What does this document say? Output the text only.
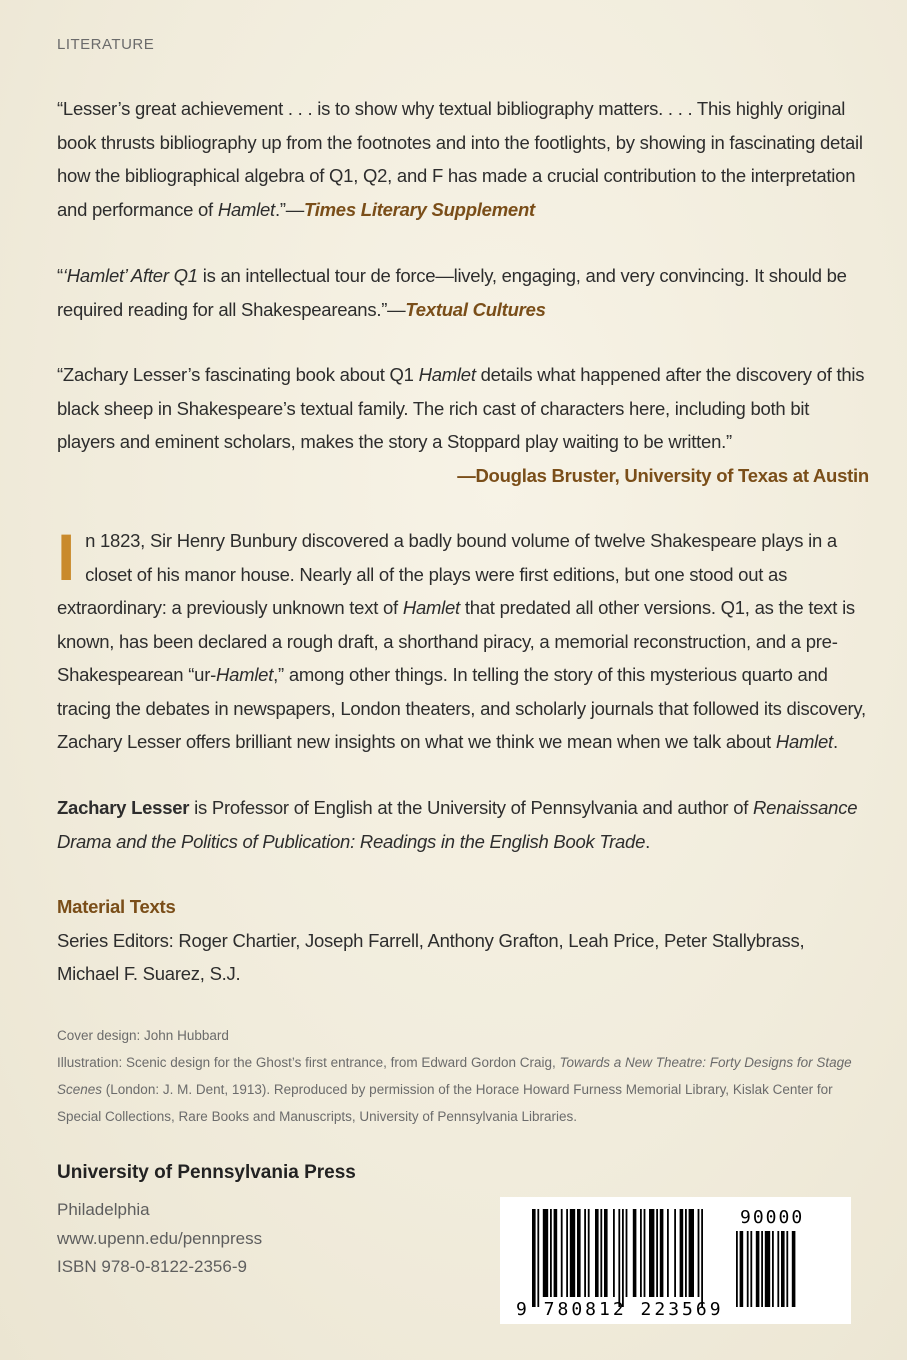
LITERATURE

“Lesser’s great achievement . . . is to show why textual bibliography matters. . . . This highly original book thrusts bibliography up from the footnotes and into the footlights, by showing in fascinating detail how the bibliographical algebra of Q1, Q2, and F has made a crucial contribution to the interpretation and performance of Hamlet.”—Times Literary Supplement

“‘Hamlet’ After Q1 is an intellectual tour de force—lively, engaging, and very convincing. It should be required reading for all Shakespeareans.”—Textual Cultures

“Zachary Lesser’s fascinating book about Q1 Hamlet details what happened after the discovery of this black sheep in Shakespeare’s textual family. The rich cast of characters here, including both bit players and eminent scholars, makes the story a Stoppard play waiting to be written.”

—Douglas Bruster, University of Texas at Austin

I n 1823, Sir Henry Bunbury discovered a badly bound volume of twelve Shakespeare plays in a closet of his manor house. Nearly all of the plays were first editions, but one stood out as extraordinary: a previously unknown text of Hamlet that predated all other versions. Q1, as the text is known, has been declared a rough draft, a shorthand piracy, a memorial reconstruction, and a pre-Shakespearean “ur-Hamlet,” among other things. In telling the story of this mysterious quarto and tracing the debates in newspapers, London theaters, and scholarly journals that followed its discovery, Zachary Lesser offers brilliant new insights on what we think we mean when we talk about Hamlet.
Zachary Lesser is Professor of English at the University of Pennsylvania and author of Renaissance Drama and the Politics of Publication: Readings in the English Book Trade.

Material Texts

Series Editors: Roger Chartier, Joseph Farrell, Anthony Grafton, Leah Price, Peter Stallybrass, Michael F. Suarez, S.J.

Cover design: John Hubbard

Illustration: Scenic design for the Ghost’s first entrance, from Edward Gordon Craig, Towards a New Theatre: Forty Designs for Stage Scenes (London: J. M. Dent, 1913). Reproduced by permission of the Horace Howard Furness Memorial Library, Kislak Center for Special Collections, Rare Books and Manuscripts, University of Pennsylvania Libraries.

University of Pennsylvania Press
Philadelphia
www.upenn.edu/pennpress
ISBN 978-0-8122-2356-9
9 780812 223569
90000
